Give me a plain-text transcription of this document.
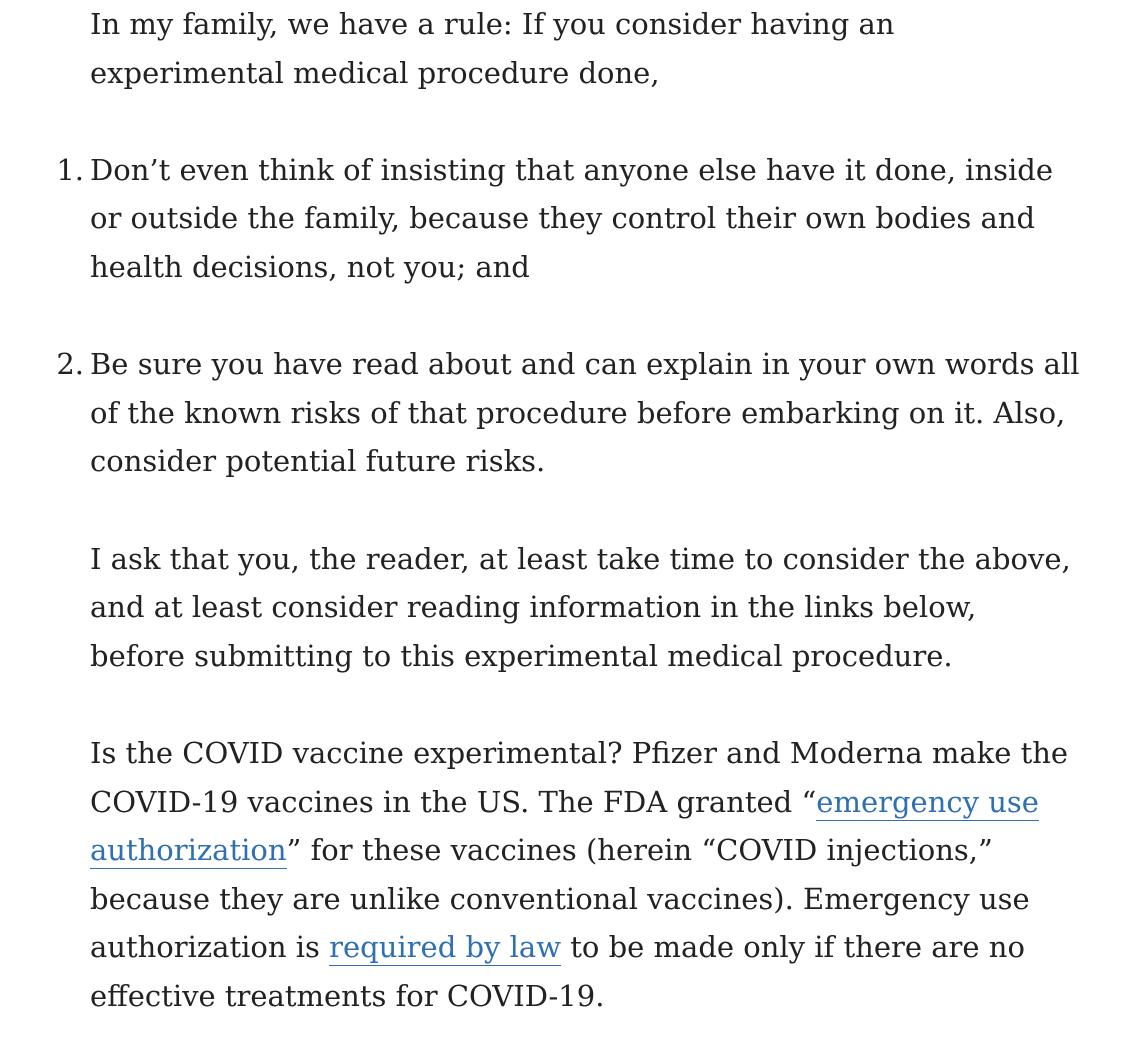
In my family, we have a rule: If you consider having an experimental medical procedure done,

1. Don’t even think of insisting that anyone else have it done, inside or outside the family, because they control their own bodies and health decisions, not you; and
2. Be sure you have read about and can explain in your own words all of the known risks of that procedure before embarking on it. Also, consider potential future risks.

I ask that you, the reader, at least take time to consider the above, and at least consider reading information in the links below, before submitting to this experimental medical procedure.

Is the COVID vaccine experimental? Pfizer and Moderna make the COVID-19 vaccines in the US. The FDA granted “emergency use authorization” for these vaccines (herein “COVID injections,” because they are unlike conventional vaccines). Emergency use authorization is required by law to be made only if there are no effective treatments for COVID-19.
